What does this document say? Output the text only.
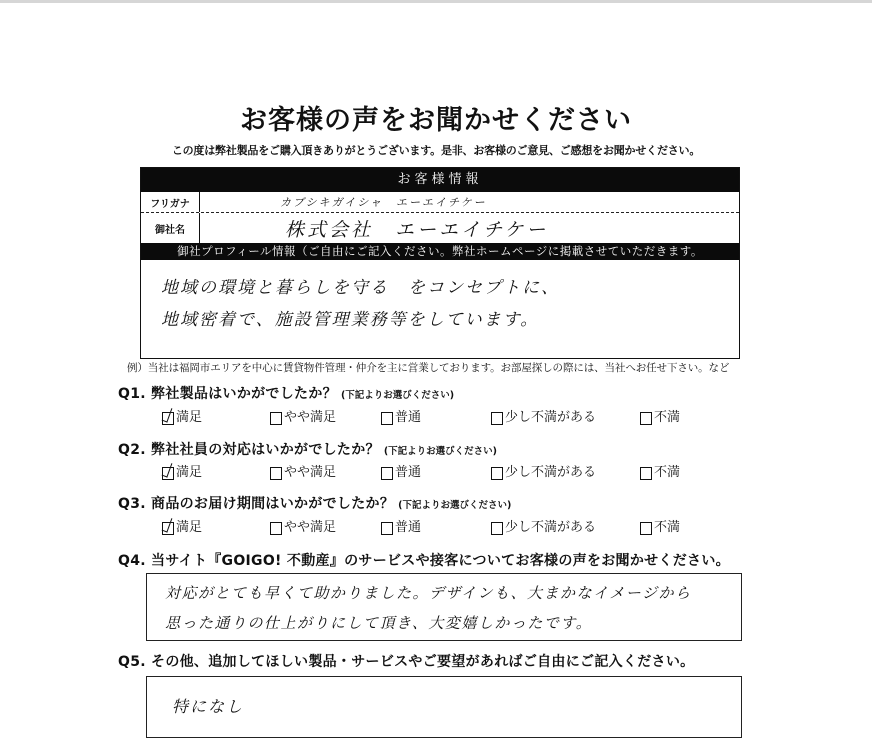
お客様の声をお聞かせください
この度は弊社製品をご購入頂きありがとうございます。是非、お客様のご意見、ご感想をお聞かせください。
お客様情報
フリガナ	カブシキガイシャ　エーエイチケー
御社名	株式会社　エーエイチケー
御社プロフィール情報（ご自由にご記入ください。弊社ホームページに掲載させていただきます。
地域の環境と暮らしを守る　をコンセプトに、
地域密着で、施設管理業務等をしています。
例）当社は福岡市エリアを中心に賃貸物件管理・仲介を主に営業しております。お部屋探しの際には、当社へお任せ下さい。など
Q1. 弊社製品はいかがでしたか？ (下記よりお選びください)
満足	やや満足	普通	少し不満がある	不満
Q2. 弊社社員の対応はいかがでしたか？ (下記よりお選びください)
満足	やや満足	普通	少し不満がある	不満
Q3. 商品のお届け期間はいかがでしたか？ (下記よりお選びください)
満足	やや満足	普通	少し不満がある	不満
Q4. 当サイト『GOIGO! 不動産』のサービスや接客についてお客様の声をお聞かせください。
対応がとても早くて助かりました。デザインも、大まかなイメージから
思った通りの仕上がりにして頂き、大変嬉しかったです。
Q5. その他、追加してほしい製品・サービスやご要望があればご自由にご記入ください。
特になし
